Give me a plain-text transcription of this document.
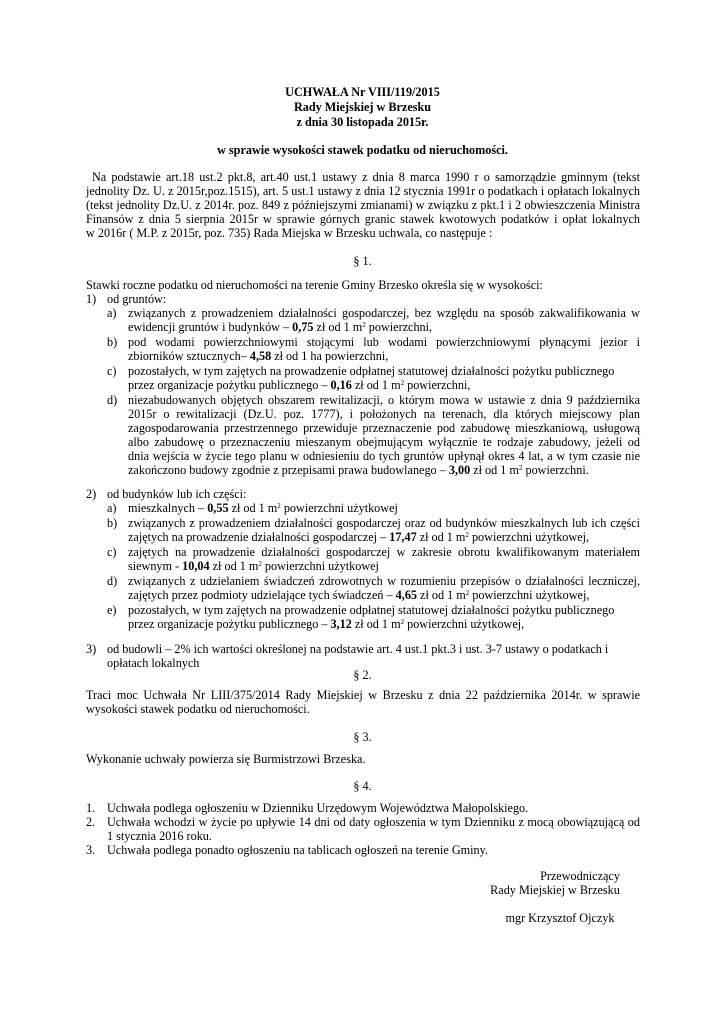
UCHWAŁA Nr VIII/119/2015
Rady Miejskiej w Brzesku
z dnia 30 listopada 2015r.
w sprawie wysokości stawek podatku od nieruchomości.
Na podstawie art.18 ust.2 pkt.8, art.40 ust.1 ustawy z dnia 8 marca 1990 r o samorządzie gminnym (tekst
jednolity Dz. U. z 2015r,poz.1515), art. 5 ust.1 ustawy z dnia 12 stycznia 1991r o podatkach i opłatach lokalnych
(tekst jednolity Dz.U. z 2014r. poz. 849 z późniejszymi zmianami) w związku z pkt.1 i 2 obwieszczenia Ministra
Finansów z dnia 5 sierpnia 2015r w sprawie górnych granic stawek kwotowych podatków i opłat lokalnych
w 2016r ( M.P. z 2015r, poz. 735) Rada Miejska w Brzesku uchwala, co następuje :
§ 1.
Stawki roczne podatku od nieruchomości na terenie Gminy Brzesko określa się w wysokości:
1) od gruntów:
a) związanych z prowadzeniem działalności gospodarczej, bez względu na sposób zakwalifikowania w
ewidencji gruntów i budynków – 0,75 zł od 1 $m^2$ powierzchni,
b) pod wodami powierzchniowymi stojącymi lub wodami powierzchniowymi płynącymi jezior i
zbiorników sztucznych– 4,58 zł od 1 ha powierzchni,
c) pozostałych, w tym zajętych na prowadzenie odpłatnej statutowej działalności pożytku publicznego
przez organizacje pożytku publicznego – 0,16 zł od 1 $m^2$ powierzchni,
d) niezabudowanych objętych obszarem rewitalizacji, o którym mowa w ustawie z dnia 9 października
2015r o rewitalizacji (Dz.U. poz. 1777), i położonych na terenach, dla których miejscowy plan
zagospodarowania przestrzennego przewiduje przeznaczenie pod zabudowę mieszkaniową, usługową
albo zabudowę o przeznaczeniu mieszanym obejmującym wyłącznie te rodzaje zabudowy, jeżeli od
dnia wejścia w życie tego planu w odniesieniu do tych gruntów upłynął okres 4 lat, a w tym czasie nie
zakończono budowy zgodnie z przepisami prawa budowlanego – 3,00 zł od 1 $m^2$ powierzchni.
2) od budynków lub ich części:
a) mieszkalnych – 0,55 zł od 1 $m^2$ powierzchni użytkowej
b) związanych z prowadzeniem działalności gospodarczej oraz od budynków mieszkalnych lub ich części
zajętych na prowadzenie działalności gospodarczej – 17,47 zł od 1 $m^2$ powierzchni użytkowej,
c) zajętych na prowadzenie działalności gospodarczej w zakresie obrotu kwalifikowanym materiałem
siewnym - 10,04 zł od 1 $m^2$ powierzchni użytkowej
d) związanych z udzielaniem świadczeń zdrowotnych w rozumieniu przepisów o działalności leczniczej,
zajętych przez podmioty udzielające tych świadczeń – 4,65 zł od 1 $m^2$ powierzchni użytkowej,
e) pozostałych, w tym zajętych na prowadzenie odpłatnej statutowej działalności pożytku publicznego
przez organizacje pożytku publicznego – 3,12 zł od 1 $m^2$ powierzchni użytkowej,
3) od budowli – 2% ich wartości określonej na podstawie art. 4 ust.1 pkt.3 i ust. 3-7 ustawy o podatkach i
opłatach lokalnych
§ 2.
Traci moc Uchwała Nr LIII/375/2014 Rady Miejskiej w Brzesku z dnia 22 października 2014r. w sprawie
wysokości stawek podatku od nieruchomości.
§ 3.
Wykonanie uchwały powierza się Burmistrzowi Brzeska.
§ 4.
1. Uchwała podlega ogłoszeniu w Dzienniku Urzędowym Województwa Małopolskiego.
2. Uchwała wchodzi w życie po upływie 14 dni od daty ogłoszenia w tym Dzienniku z mocą obowiązującą od
1 stycznia 2016 roku.
3. Uchwała podlega ponadto ogłoszeniu na tablicach ogłoszeń na terenie Gminy.
Przewodniczący
Rady Miejskiej w Brzesku
mgr Krzysztof Ojczyk
